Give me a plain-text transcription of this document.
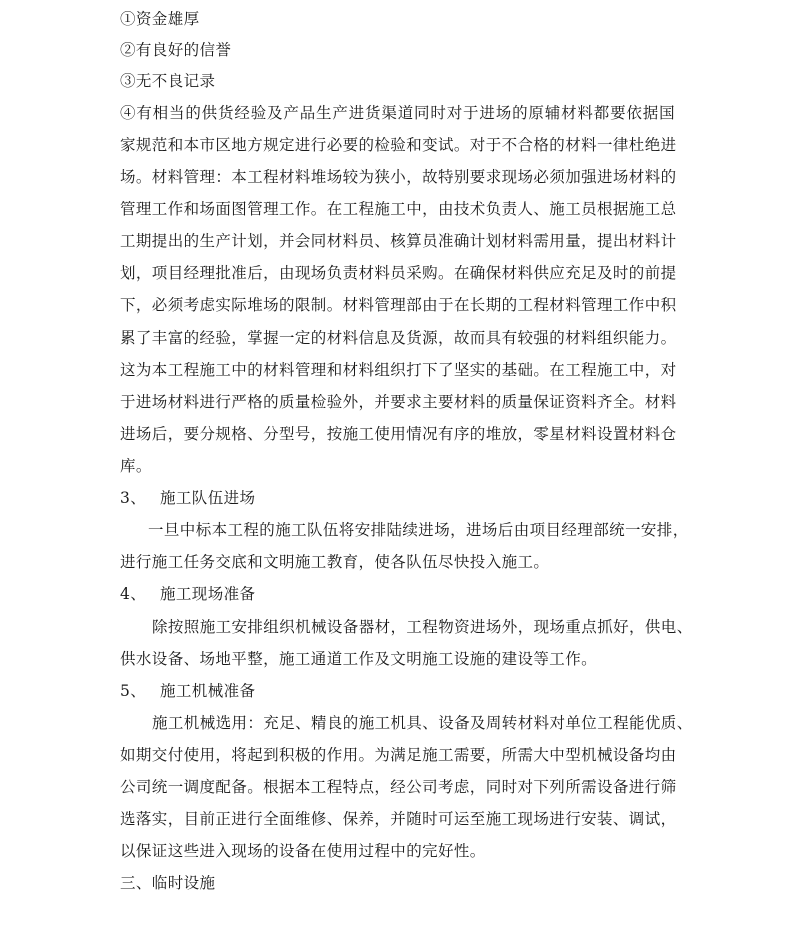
①资金雄厚
②有良好的信誉
③无不良记录
④有相当的供货经验及产品生产进货渠道同时对于进场的原辅材料都要依据国
家规范和本市区地方规定进行必要的检验和变试。对于不合格的材料一律杜绝进
场。材料管理：本工程材料堆场较为狭小，故特别要求现场必须加强进场材料的
管理工作和场面图管理工作。在工程施工中，由技术负责人、施工员根据施工总
工期提出的生产计划，并会同材料员、核算员准确计划材料需用量，提出材料计
划，项目经理批准后，由现场负责材料员采购。在确保材料供应充足及时的前提
下，必须考虑实际堆场的限制。材料管理部由于在长期的工程材料管理工作中积
累了丰富的经验，掌握一定的材料信息及货源，故而具有较强的材料组织能力。
这为本工程施工中的材料管理和材料组织打下了坚实的基础。在工程施工中，对
于进场材料进行严格的质量检验外，并要求主要材料的质量保证资料齐全。材料
进场后，要分规格、分型号，按施工使用情况有序的堆放，零星材料设置材料仓
库。
3、 施工队伍进场
一旦中标本工程的施工队伍将安排陆续进场，进场后由项目经理部统一安排，
进行施工任务交底和文明施工教育，使各队伍尽快投入施工。
4、 施工现场准备
除按照施工安排组织机械设备器材，工程物资进场外，现场重点抓好，供电、
供水设备、场地平整，施工通道工作及文明施工设施的建设等工作。
5、 施工机械准备
施工机械选用：充足、精良的施工机具、设备及周转材料对单位工程能优质、
如期交付使用，将起到积极的作用。为满足施工需要，所需大中型机械设备均由
公司统一调度配备。根据本工程特点，经公司考虑，同时对下列所需设备进行筛
选落实，目前正进行全面维修、保养，并随时可运至施工现场进行安装、调试，
以保证这些进入现场的设备在使用过程中的完好性。
三、临时设施
